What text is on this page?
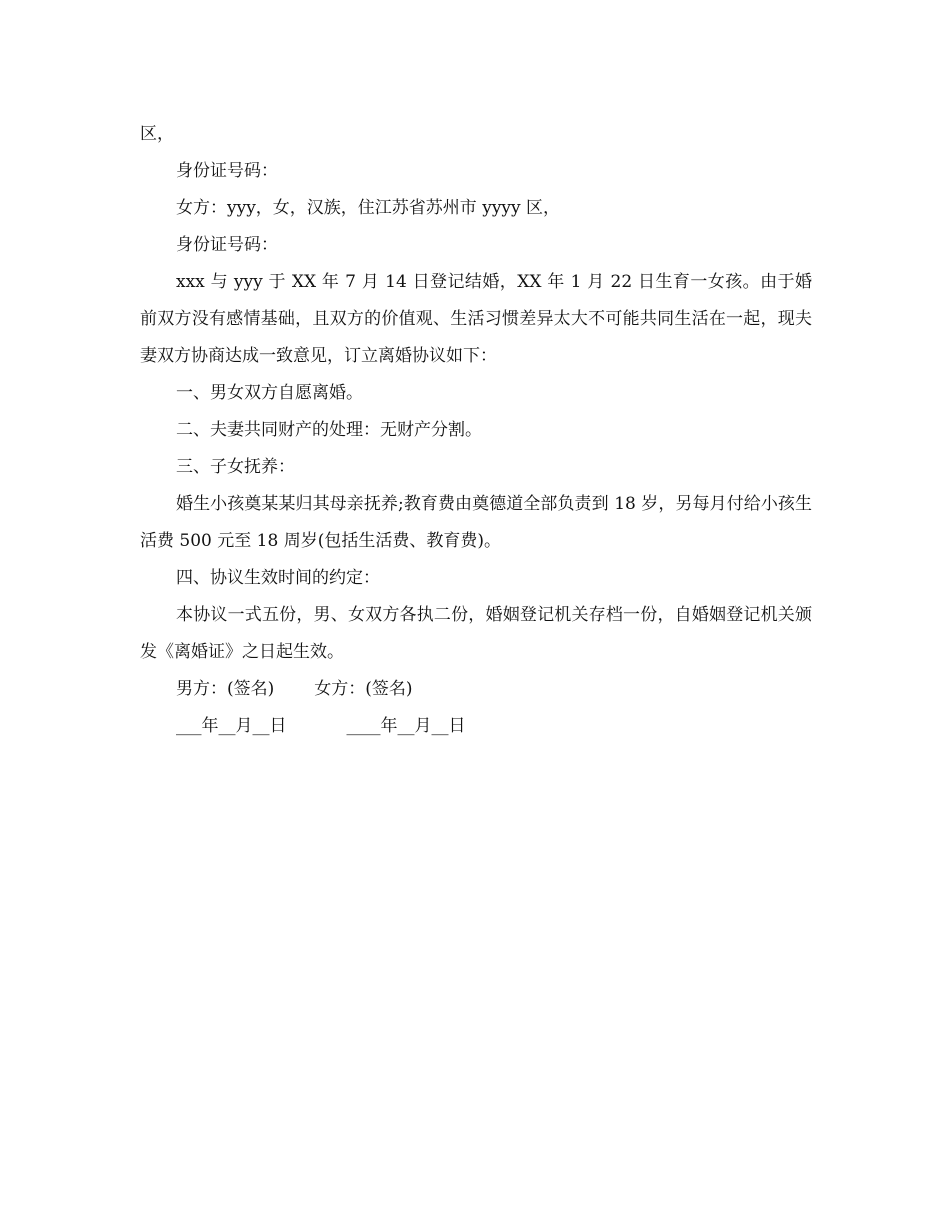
区，

身份证号码：

女方：yyy，女，汉族，住江苏省苏州市 yyyy 区，

身份证号码：

xxx 与 yyy 于 XX 年 7 月 14 日登记结婚，XX 年 1 月 22 日生育一女孩。由于婚前双方没有感情基础，且双方的价值观、生活习惯差异太大不可能共同生活在一起，现夫妻双方协商达成一致意见，订立离婚协议如下：

一、男女双方自愿离婚。

二、夫妻共同财产的处理：无财产分割。

三、子女抚养：

婚生小孩奠某某归其母亲抚养;教育费由奠德道全部负责到 18 岁，另每月付给小孩生活费 500 元至 18 周岁(包括生活费、教育费)。

四、协议生效时间的约定：

本协议一式五份，男、女双方各执二份，婚姻登记机关存档一份，自婚姻登记机关颁发《离婚证》之日起生效。

男方：(签名) 女方：(签名)

___年__月__日	____年__月__日
